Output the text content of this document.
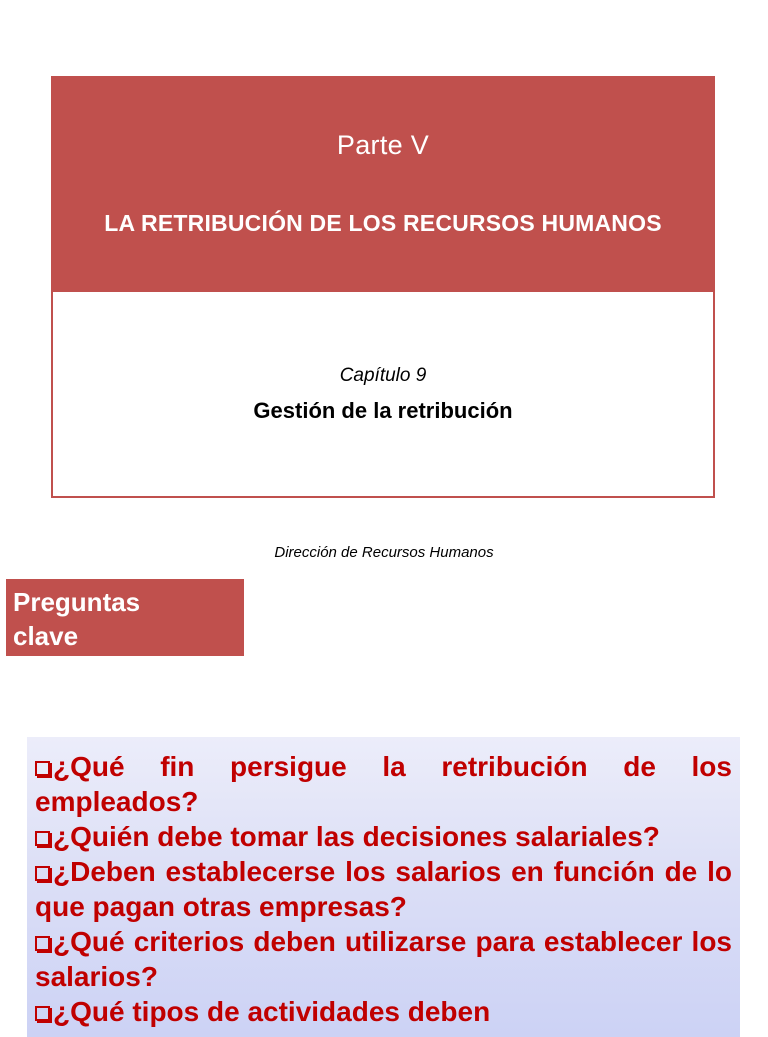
Parte V
LA RETRIBUCIÓN DE LOS RECURSOS HUMANOS
Capítulo 9
Gestión de la retribución
Dirección de Recursos Humanos
Preguntas
clave
¿Qué fin persigue la retribución de los empleados?
¿Quién debe tomar las decisiones salariales?
¿Deben establecerse los salarios en función de lo que pagan otras empresas?
¿Qué criterios deben utilizarse para establecer los salarios?
¿Qué tipos de actividades deben
